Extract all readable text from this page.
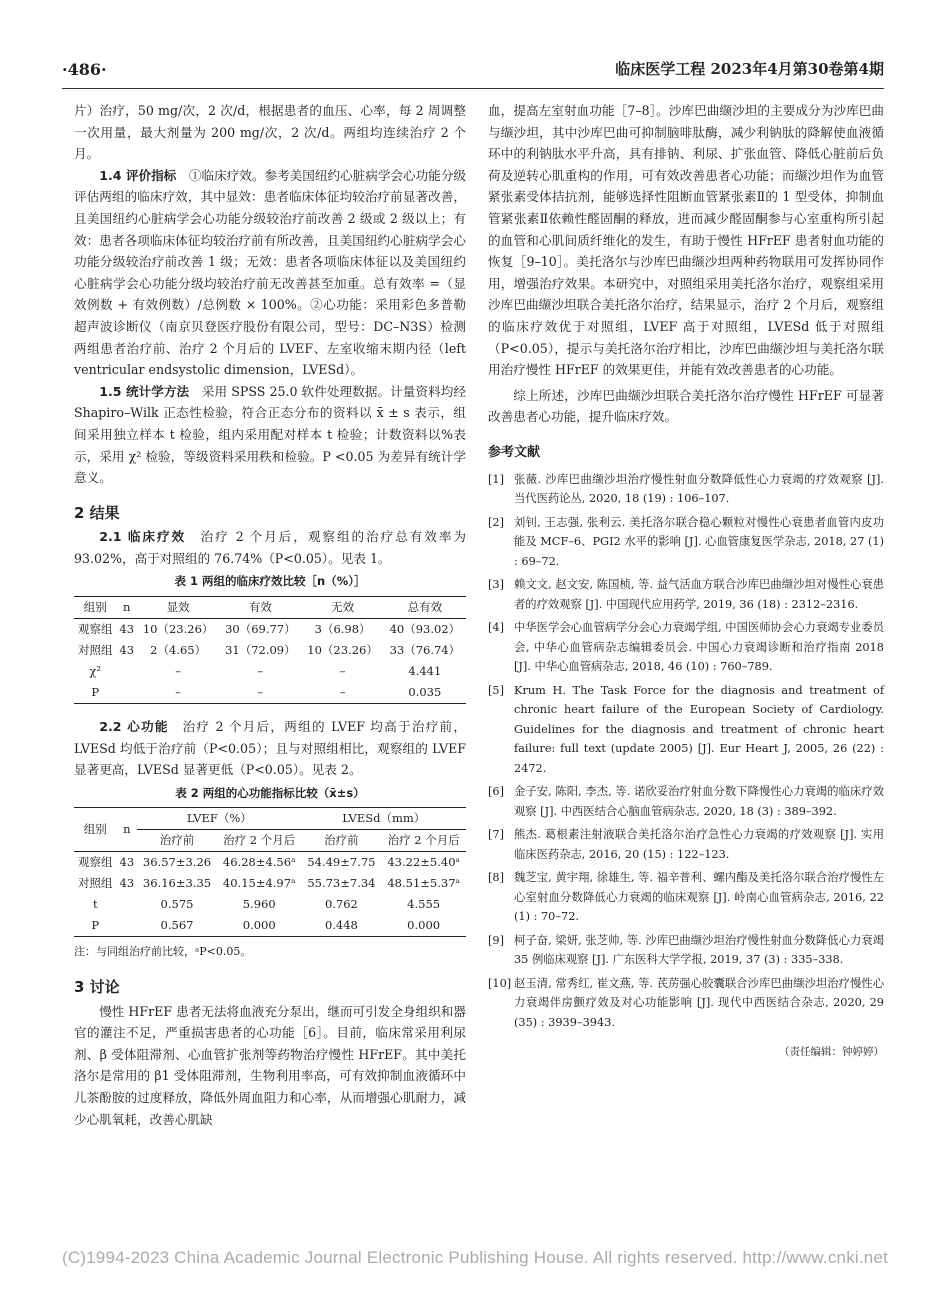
·486·	临床医学工程 2023年4月第30卷第4期

片）治疗，50 mg/次，2 次/d，根据患者的血压、心率，每 2 周调整一次用量，最大剂量为 200 mg/次，2 次/d。两组均连续治疗 2 个月。

1.4 评价指标　 ①临床疗效。参考美国纽约心脏病学会心功能分级评估两组的临床疗效，其中显效：患者临床体征均较治疗前显著改善，且美国纽约心脏病学会心功能分级较治疗前改善 2 级或 2 级以上；有效：患者各项临床体征均较治疗前有所改善，且美国纽约心脏病学会心功能分级较治疗前改善 1 级；无效：患者各项临床体征以及美国纽约心脏病学会心功能分级均较治疗前无改善甚至加重。总有效率 =（显效例数 + 有效例数）/总例数 × 100%。②心功能：采用彩色多普勒超声波诊断仪（南京贝登医疗股份有限公司，型号：DC–N3S）检测两组患者治疗前、治疗 2 个月后的 LVEF、左室收缩末期内径（left ventricular endsystolic dimension，LVESd）。

1.5 统计学方法　 采用 SPSS 25.0 软件处理数据。计量资料均经 Shapiro–Wilk 正态性检验，符合正态分布的资料以 x̄ ± s 表示，组间采用独立样本 t 检验，组内采用配对样本 t 检验；计数资料以%表示，采用 χ² 检验，等级资料采用秩和检验。P <0.05 为差异有统计学意义。

2 结果

2.1 临床疗效　 治疗 2 个月后，观察组的治疗总有效率为 93.02%，高于对照组的 76.74%（P<0.05）。见表 1。

表 1 两组的临床疗效比较［n（%）］
组别	n	显效	有效	无效	总有效
观察组	43	10（23.26）	30（69.77）	3（6.98）	40（93.02）
对照组	43	2（4.65）	31（72.09）	10（23.26）	33（76.74）
χ²		–	–	–	4.441
P		–	–	–	0.035

2.2 心功能　 治疗 2 个月后，两组的 LVEF 均高于治疗前，LVESd 均低于治疗前（P<0.05）；且与对照组相比，观察组的 LVEF 显著更高，LVESd 显著更低（P<0.05）。见表 2。

表 2 两组的心功能指标比较（x̄±s）
组别	n	LVEF（%）		LVESd（mm）	
		治疗前	治疗 2 个月后	治疗前	治疗 2 个月后
观察组	43	36.57±3.26	46.28±4.56ᵃ	54.49±7.75	43.22±5.40ᵃ
对照组	43	36.16±3.35	40.15±4.97ᵃ	55.73±7.34	48.51±5.37ᵃ
t		0.575	5.960	0.762	4.555
P		0.567	0.000	0.448	0.000
注：与同组治疗前比较，ᵃP<0.05。
3 讨论

慢性 HFrEF 患者无法将血液充分泵出，继而可引发全身组织和器官的灌注不足，严重损害患者的心功能［6］。目前，临床常采用利尿剂、β 受体阻滞剂、心血管扩张剂等药物治疗慢性 HFrEF。其中美托洛尔是常用的 β1 受体阻滞剂，生物利用率高，可有效抑制血液循环中儿茶酚胺的过度释放，降低外周血阻力和心率，从而增强心肌耐力，减少心肌氧耗，改善心肌缺

血，提高左室射血功能［7–8］。沙库巴曲缬沙坦的主要成分为沙库巴曲与缬沙坦，其中沙库巴曲可抑制脑啡肽酶，减少利钠肽的降解使血液循环中的利钠肽水平升高，具有排钠、利尿、扩张血管、降低心脏前后负荷及逆转心肌重构的作用，可有效改善患者心功能；而缬沙坦作为血管紧张素受体拮抗剂，能够选择性阻断血管紧张素Ⅱ的 1 型受体，抑制血管紧张素Ⅱ依赖性醛固酮的释放，进而减少醛固酮参与心室重构所引起的血管和心肌间质纤维化的发生，有助于慢性 HFrEF 患者射血功能的恢复［9–10］。美托洛尔与沙库巴曲缬沙坦两种药物联用可发挥协同作用，增强治疗效果。本研究中，对照组采用美托洛尔治疗，观察组采用沙库巴曲缬沙坦联合美托洛尔治疗，结果显示，治疗 2 个月后，观察组的临床疗效优于对照组，LVEF 高于对照组，LVESd 低于对照组（P<0.05），提示与美托洛尔治疗相比，沙库巴曲缬沙坦与美托洛尔联用治疗慢性 HFrEF 的效果更佳，并能有效改善患者的心功能。

综上所述，沙库巴曲缬沙坦联合美托洛尔治疗慢性 HFrEF 可显著改善患者心功能，提升临床疗效。

参考文献
[1] 张薇. 沙库巴曲缬沙坦治疗慢性射血分数降低性心力衰竭的疗效观察 [J]. 当代医药论丛, 2020, 18 (19) : 106–107.
[2] 刘钊, 王志强, 张利云. 美托洛尔联合稳心颗粒对慢性心衰患者血管内皮功能及 MCF–6、PGI2 水平的影响 [J]. 心血管康复医学杂志, 2018, 27 (1) : 69–72.
[3] 赖文文, 赵文安, 陈国桢, 等. 益气活血方联合沙库巴曲缬沙坦对慢性心衰患者的疗效观察 [J]. 中国现代应用药学, 2019, 36 (18) : 2312–2316.
[4] 中华医学会心血管病学分会心力衰竭学组, 中国医师协会心力衰竭专业委员会, 中华心血管病杂志编辑委员会. 中国心力衰竭诊断和治疗指南 2018 [J]. 中华心血管病杂志, 2018, 46 (10) : 760–789.
[5] Krum H. The Task Force for the diagnosis and treatment of chronic heart failure of the European Society of Cardiology. Guidelines for the diagnosis and treatment of chronic heart failure: full text (update 2005) [J]. Eur Heart J, 2005, 26 (22) : 2472.
[6] 金子安, 陈阳, 李杰, 等. 诺欣妥治疗射血分数下降慢性心力衰竭的临床疗效观察 [J]. 中西医结合心脑血管病杂志, 2020, 18 (3) : 389–392.
[7] 熊杰. 葛根素注射液联合美托洛尔治疗急性心力衰竭的疗效观察 [J]. 实用临床医药杂志, 2016, 20 (15) : 122–123.
[8] 魏芝宝, 黄宇翔, 徐雄生, 等. 福辛普利、螺内酯及美托洛尔联合治疗慢性左心室射血分数降低心力衰竭的临床观察 [J]. 岭南心血管病杂志, 2016, 22 (1) : 70–72.
[9] 柯子奋, 梁妍, 张芝帅, 等. 沙库巴曲缬沙坦治疗慢性射血分数降低心力衰竭 35 例临床观察 [J]. 广东医科大学学报, 2019, 37 (3) : 335–338.
[10] 赵玉清, 常秀红, 崔文燕, 等. 芪苈强心胶囊联合沙库巴曲缬沙坦治疗慢性心力衰竭伴房颤疗效及对心功能影响 [J]. 现代中西医结合杂志, 2020, 29 (35) : 3939–3943.
（责任编辑：钟婷婷）
(C)1994-2023 China Academic Journal Electronic Publishing House. All rights reserved. http://www.cnki.net
